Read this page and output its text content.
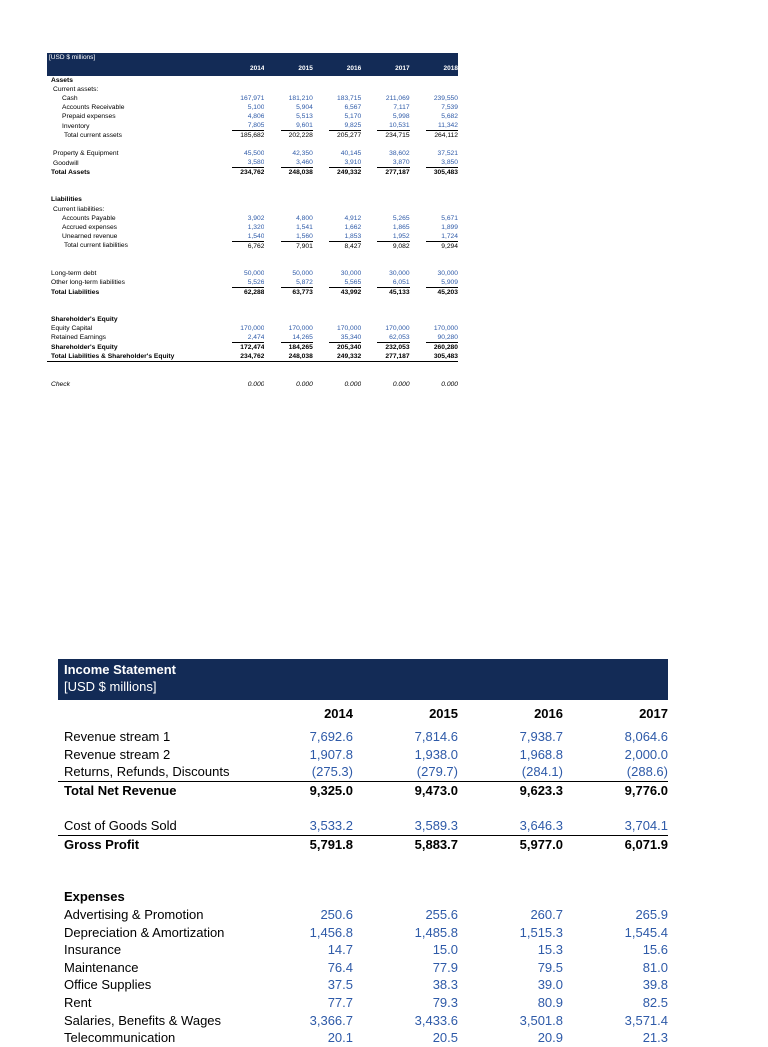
[USD $ millions]
		2014		2015		2016		2017		2018
Assets										
Current assets:										
Cash		167,971		181,210		183,715		211,069		239,550
Accounts Receivable		5,100		5,904		6,567		7,117		7,539
Prepaid expenses		4,806		5,513		5,170		5,998		5,682
Inventory		7,805		9,601		9,825		10,531		11,342
Total current assets		185,682		202,228		205,277		234,715		264,112

Property & Equipment		45,500		42,350		40,145		38,602		37,521
Goodwill		3,580		3,460		3,910		3,870		3,850
Total Assets		234,762		248,038		249,332		277,187		305,483

Liabilities										
Current liabilities:										
Accounts Payable		3,902		4,800		4,912		5,265		5,671
Accrued expenses		1,320		1,541		1,662		1,865		1,899
Unearned revenue		1,540		1,560		1,853		1,952		1,724
Total current liabilities		6,762		7,901		8,427		9,082		9,294

Long-term debt		50,000		50,000		30,000		30,000		30,000
Other long-term liabilities		5,526		5,872		5,565		6,051		5,909
Total Liabilities		62,288		63,773		43,992		45,133		45,203

Shareholder's Equity										
Equity Capital		170,000		170,000		170,000		170,000		170,000
Retained Earnings		2,474		14,265		35,340		62,053		90,280
Shareholder's Equity		172,474		184,265		205,340		232,053		260,280
Total Liabilities & Shareholder's Equity		234,762		248,038		249,332		277,187		305,483

Check		0.000		0.000		0.000		0.000		0.000
Income Statement
[USD $ millions]
	2014	2015	2016	2017
Revenue stream 1	7,692.6	7,814.6	7,938.7	8,064.6
Revenue stream 2	1,907.8	1,938.0	1,968.8	2,000.0
Returns, Refunds, Discounts	(275.3)	(279.7)	(284.1)	(288.6)
Total Net Revenue	9,325.0	9,473.0	9,623.3	9,776.0

Cost of Goods Sold	3,533.2	3,589.3	3,646.3	3,704.1
Gross Profit	5,791.8	5,883.7	5,977.0	6,071.9

Expenses				
Advertising & Promotion	250.6	255.6	260.7	265.9
Depreciation & Amortization	1,456.8	1,485.8	1,515.3	1,545.4
Insurance	14.7	15.0	15.3	15.6
Maintenance	76.4	77.9	79.5	81.0
Office Supplies	37.5	38.3	39.0	39.8
Rent	77.7	79.3	80.9	82.5
Salaries, Benefits & Wages	3,366.7	3,433.6	3,501.8	3,571.4
Telecommunication	20.1	20.5	20.9	21.3
